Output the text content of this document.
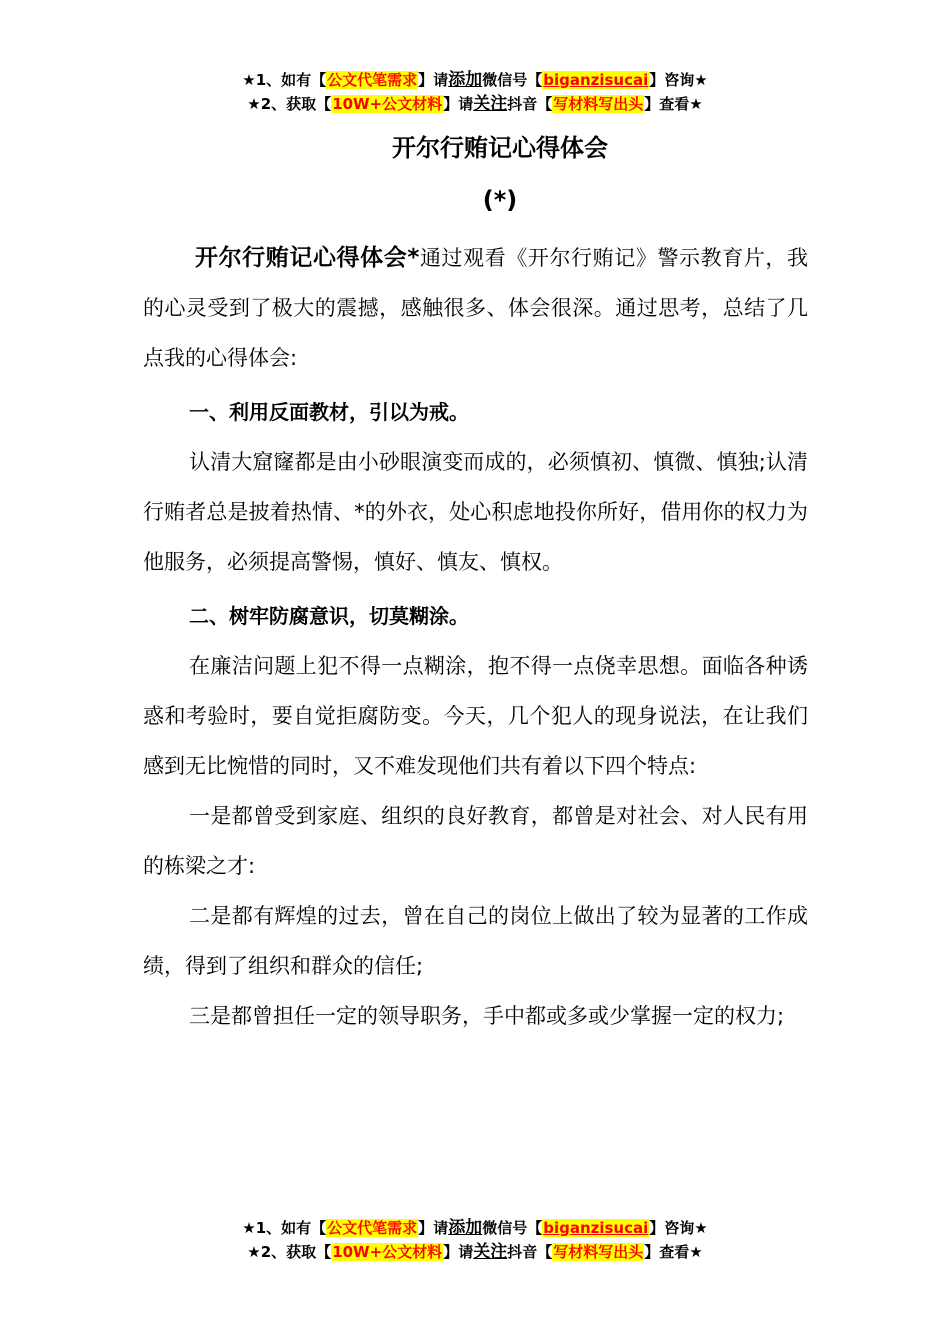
★1、如有【公文代笔需求】请添加微信号【biganzisucai】咨询★
★2、获取【10W+公文材料】请关注抖音【写材料写出头】查看★
开尔行贿记心得体会
(*)

开尔行贿记心得体会*通过观看《开尔行贿记》警示教育片，我的心灵受到了极大的震撼，感触很多、体会很深。通过思考，总结了几点我的心得体会:

一、利用反面教材，引以为戒。

认清大窟窿都是由小砂眼演变而成的，必须慎初、慎微、慎独;认清行贿者总是披着热情、*的外衣，处心积虑地投你所好，借用你的权力为他服务，必须提高警惕，慎好、慎友、慎权。

二、树牢防腐意识，切莫糊涂。

在廉洁问题上犯不得一点糊涂，抱不得一点侥幸思想。面临各种诱惑和考验时，要自觉拒腐防变。今天，几个犯人的现身说法，在让我们感到无比惋惜的同时，又不难发现他们共有着以下四个特点:

一是都曾受到家庭、组织的良好教育，都曾是对社会、对人民有用的栋梁之才:

二是都有辉煌的过去，曾在自己的岗位上做出了较为显著的工作成绩，得到了组织和群众的信任;

三是都曾担任一定的领导职务，手中都或多或少掌握一定的权力;

★1、如有【公文代笔需求】请添加微信号【biganzisucai】咨询★
★2、获取【10W+公文材料】请关注抖音【写材料写出头】查看★
